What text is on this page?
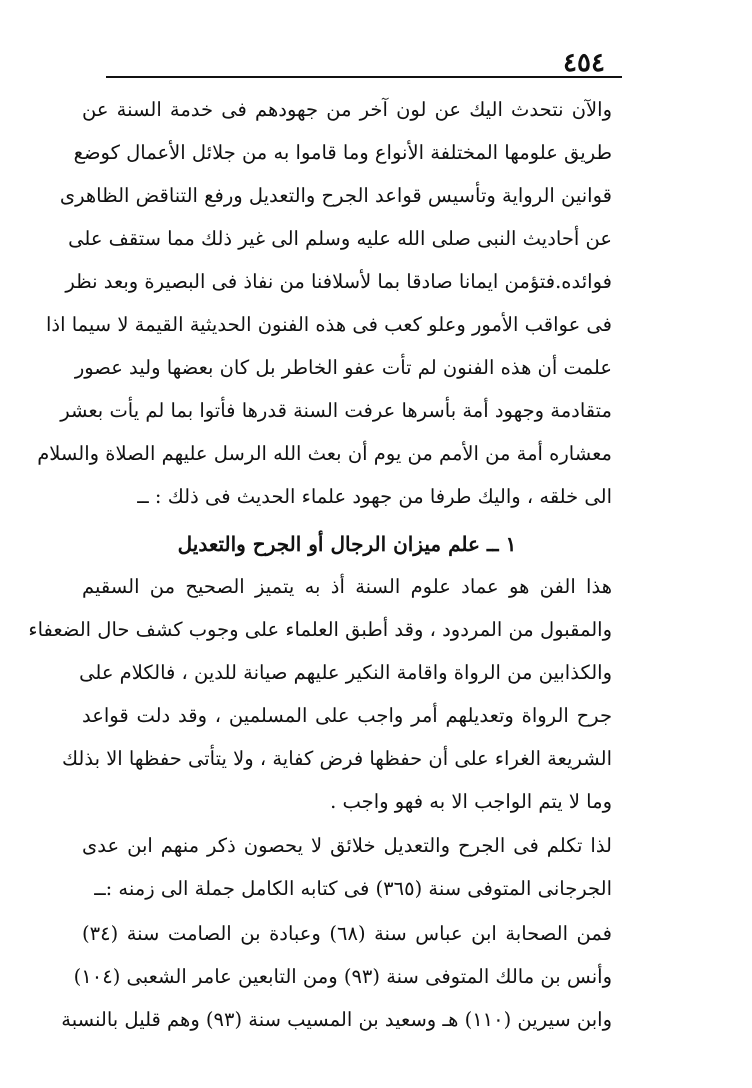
٤٥٤
والآن نتحدث اليك عن لون آخر من جهودهم فى خدمة السنة عن
طريق علومها المختلفة الأنواع وما قاموا به من جلائل الأعمال كوضع
قوانين الرواية وتأسيس قواعد الجرح والتعديل ورفع التناقض الظاهرى
عن أحاديث النبى صلى الله عليه وسلم الى غير ذلك مما ستقف على
فوائده.فتؤمن ايمانا صادقا بما لأسلافنا من نفاذ فى البصيرة وبعد نظر
فى عواقب الأمور وعلو كعب فى هذه الفنون الحديثية القيمة لا سيما اذا
علمت أن هذه الفنون لم تأت عفو الخاطر بل كان بعضها وليد عصور
متقادمة وجهود أمة بأسرها عرفت السنة قدرها فأتوا بما لم يأت بعشر
معشاره أمة من الأمم من يوم أن بعث الله الرسل عليهم الصلاة والسلام
الى خلقه ، واليك طرفا من جهود علماء الحديث فى ذلك : ــ
١ ــ علم ميزان الرجال أو الجرح والتعديل
هذا الفن هو عماد علوم السنة أذ به يتميز الصحيح من السقيم
والمقبول من المردود ، وقد أطبق العلماء على وجوب كشف حال الضعفاء
والكذابين من الرواة واقامة النكير عليهم صيانة للدين ، فالكلام على
جرح الرواة وتعديلهم أمر واجب على المسلمين ، وقد دلت قواعد
الشريعة الغراء على أن حفظها فرض كفاية ، ولا يتأتى حفظها الا بذلك
وما لا يتم الواجب الا به فهو واجب .
لذا تكلم فى الجرح والتعديل خلائق لا يحصون ذكر منهم ابن عدى
الجرجانى المتوفى سنة (٣٦٥) فى كتابه الكامل جملة الى زمنه :ــ
فمن الصحابة ابن عباس سنة (٦٨) وعبادة بن الصامت سنة (٣٤)
وأنس بن مالك المتوفى سنة (٩٣) ومن التابعين عامر الشعبى (١٠٤)
وابن سيرين (١١٠) هـ وسعيد بن المسيب سنة (٩٣) وهم قليل بالنسبة
